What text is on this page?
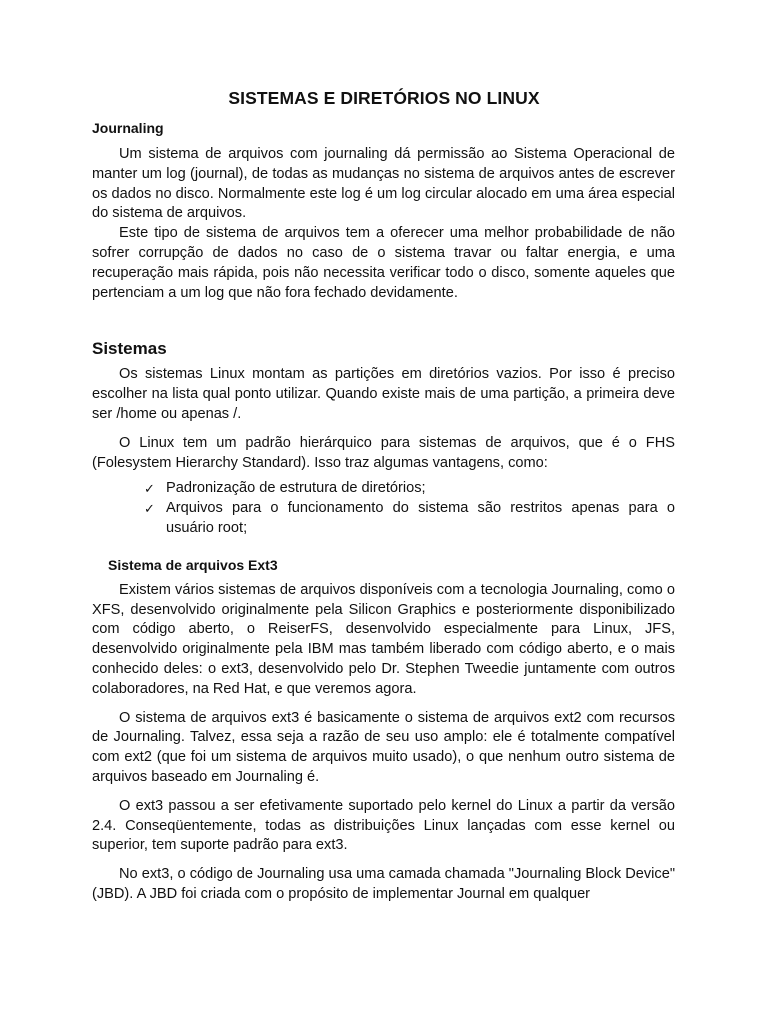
SISTEMAS E DIRETÓRIOS NO LINUX
Journaling

Um sistema de arquivos com journaling dá permissão ao Sistema Operacional de manter um log (journal), de todas as mudanças no sistema de arquivos antes de escrever os dados no disco. Normalmente este log é um log circular alocado em uma área especial do sistema de arquivos.

Este tipo de sistema de arquivos tem a oferecer uma melhor probabilidade de não sofrer corrupção de dados no caso de o sistema travar ou faltar energia, e uma recuperação mais rápida, pois não necessita verificar todo o disco, somente aqueles que pertenciam a um log que não fora fechado devidamente.

Sistemas

Os sistemas Linux montam as partições em diretórios vazios. Por isso é preciso escolher na lista qual ponto utilizar. Quando existe mais de uma partição, a primeira deve ser /home ou apenas /.

O Linux tem um padrão hierárquico para sistemas de arquivos, que é o FHS (Folesystem Hierarchy Standard). Isso traz algumas vantagens, como:

✓ Padronização de estrutura de diretórios;
✓ Arquivos para o funcionamento do sistema são restritos apenas para o usuário root;
Sistema de arquivos Ext3

Existem vários sistemas de arquivos disponíveis com a tecnologia Journaling, como o XFS, desenvolvido originalmente pela Silicon Graphics e posteriormente disponibilizado com código aberto, o ReiserFS, desenvolvido especialmente para Linux, JFS, desenvolvido originalmente pela IBM mas também liberado com código aberto, e o mais conhecido deles: o ext3, desenvolvido pelo Dr. Stephen Tweedie juntamente com outros colaboradores, na Red Hat, e que veremos agora.

O sistema de arquivos ext3 é basicamente o sistema de arquivos ext2 com recursos de Journaling. Talvez, essa seja a razão de seu uso amplo: ele é totalmente compatível com ext2 (que foi um sistema de arquivos muito usado), o que nenhum outro sistema de arquivos baseado em Journaling é.

O ext3 passou a ser efetivamente suportado pelo kernel do Linux a partir da versão 2.4. Conseqüentemente, todas as distribuições Linux lançadas com esse kernel ou superior, tem suporte padrão para ext3.

No ext3, o código de Journaling usa uma camada chamada "Journaling Block Device" (JBD). A JBD foi criada com o propósito de implementar Journal em qualquer
